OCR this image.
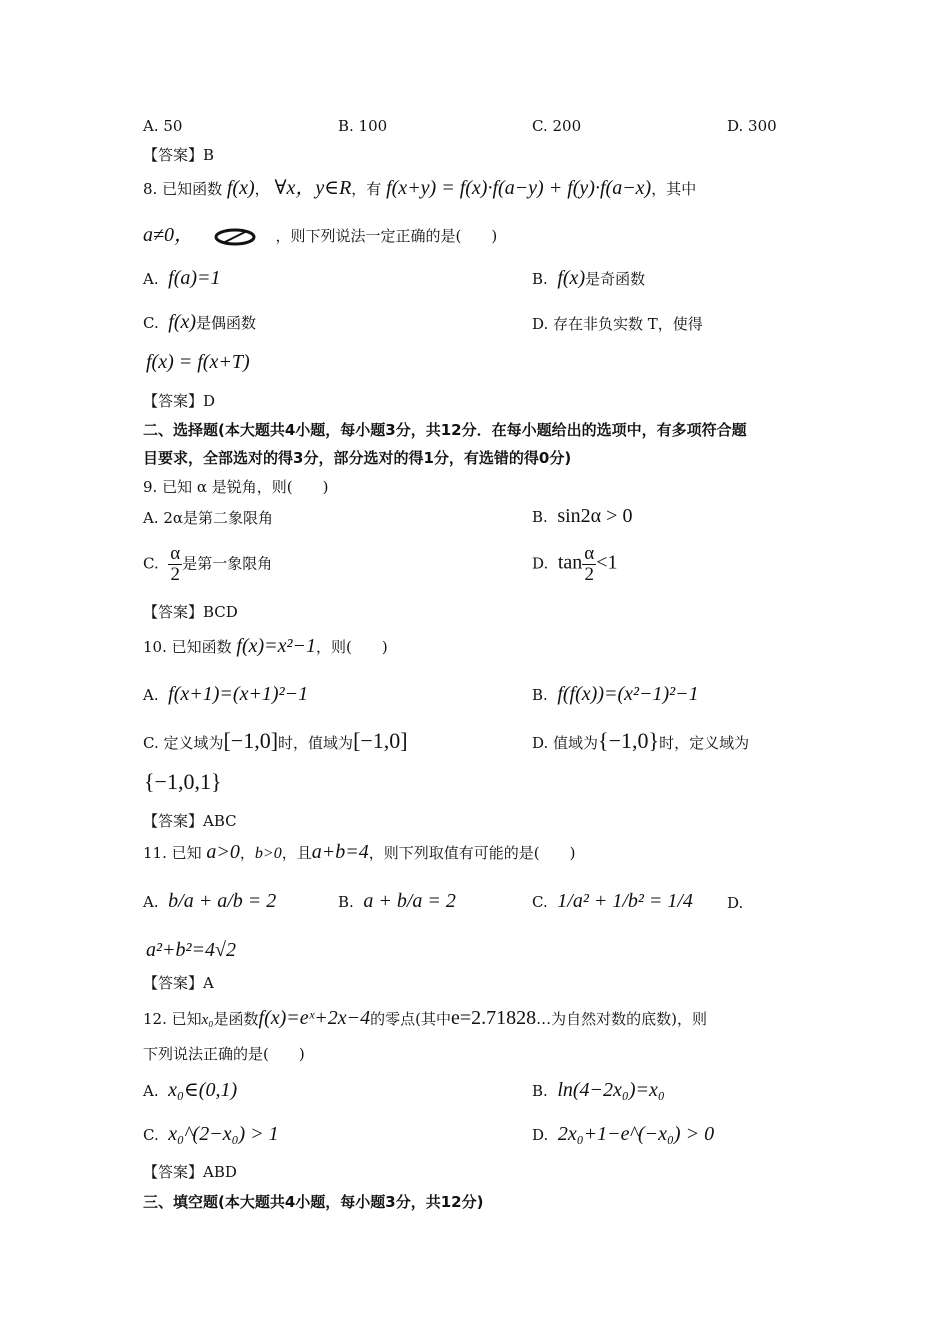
A. 50	B. 100	C. 200	D. 300
【答案】B
8. 已知函数 f(x)， ∀x，y∈R，有 f(x+y) = f(x)·f(a−y) + f(y)·f(a−x)，其中
a≠0，	，则下列说法一定正确的是(　　)
A. f(a)=1	B. f(x)是奇函数
C. f(x)是偶函数	D. 存在非负实数 T，使得
f(x) = f(x+T)
【答案】D
二、选择题(本大题共4小题，每小题3分，共12分．在每小题给出的选项中，有多项符合题
目要求，全部选对的得3分，部分选对的得1分，有选错的得0分)
9. 已知 α 是锐角，则(　　)
A. 2α是第二象限角	B. sin2α > 0
C. $\frac{\alpha}{2}$ 是第一象限角	D. $\tan \frac{\alpha}{2} <1$
【答案】BCD
10. 已知函数 f(x)=x²−1，则(　　)
A. f(x+1)=(x+1)²−1	B. f(f(x))=(x²−1)²−1
C. 定义域为[−1,0]时，值域为[−1,0]	D. 值域为{−1,0}时，定义域为
{−1,0,1}
【答案】ABC
11. 已知 a>0，b>0，且a+b=4，则下列取值有可能的是(　　)
A. b/a + a/b = 2	B. a + b/a = 2	C. 1/a² + 1/b² = 1/4 D.
a²+b²=4√2
【答案】A
12. 已知x₀是函数f(x)=eˣ+2x−4的零点(其中e=2.71828…为自然对数的底数)，则
下列说法正确的是(　　)
A. x₀∈(0,1)	B. ln(4−2x₀)=x₀
C. x₀^(2−x₀) > 1	D. 2x₀+1−e^(−x₀) > 0
【答案】ABD
三、填空题(本大题共4小题，每小题3分，共12分)
